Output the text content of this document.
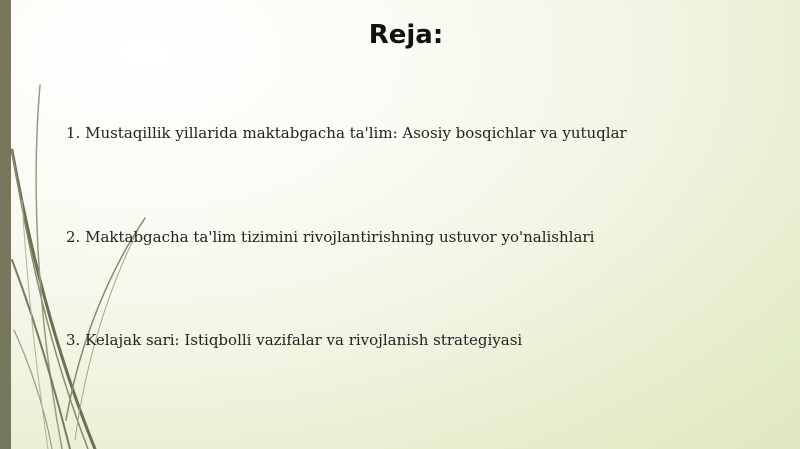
Reja:
1. Mustaqillik yillarida maktabgacha ta'lim: Asosiy bosqichlar va yutuqlar
2. Maktabgacha ta'lim tizimini rivojlantirishning ustuvor yo'nalishlari
3. Kelajak sari: Istiqbolli vazifalar va rivojlanish strategiyasi
